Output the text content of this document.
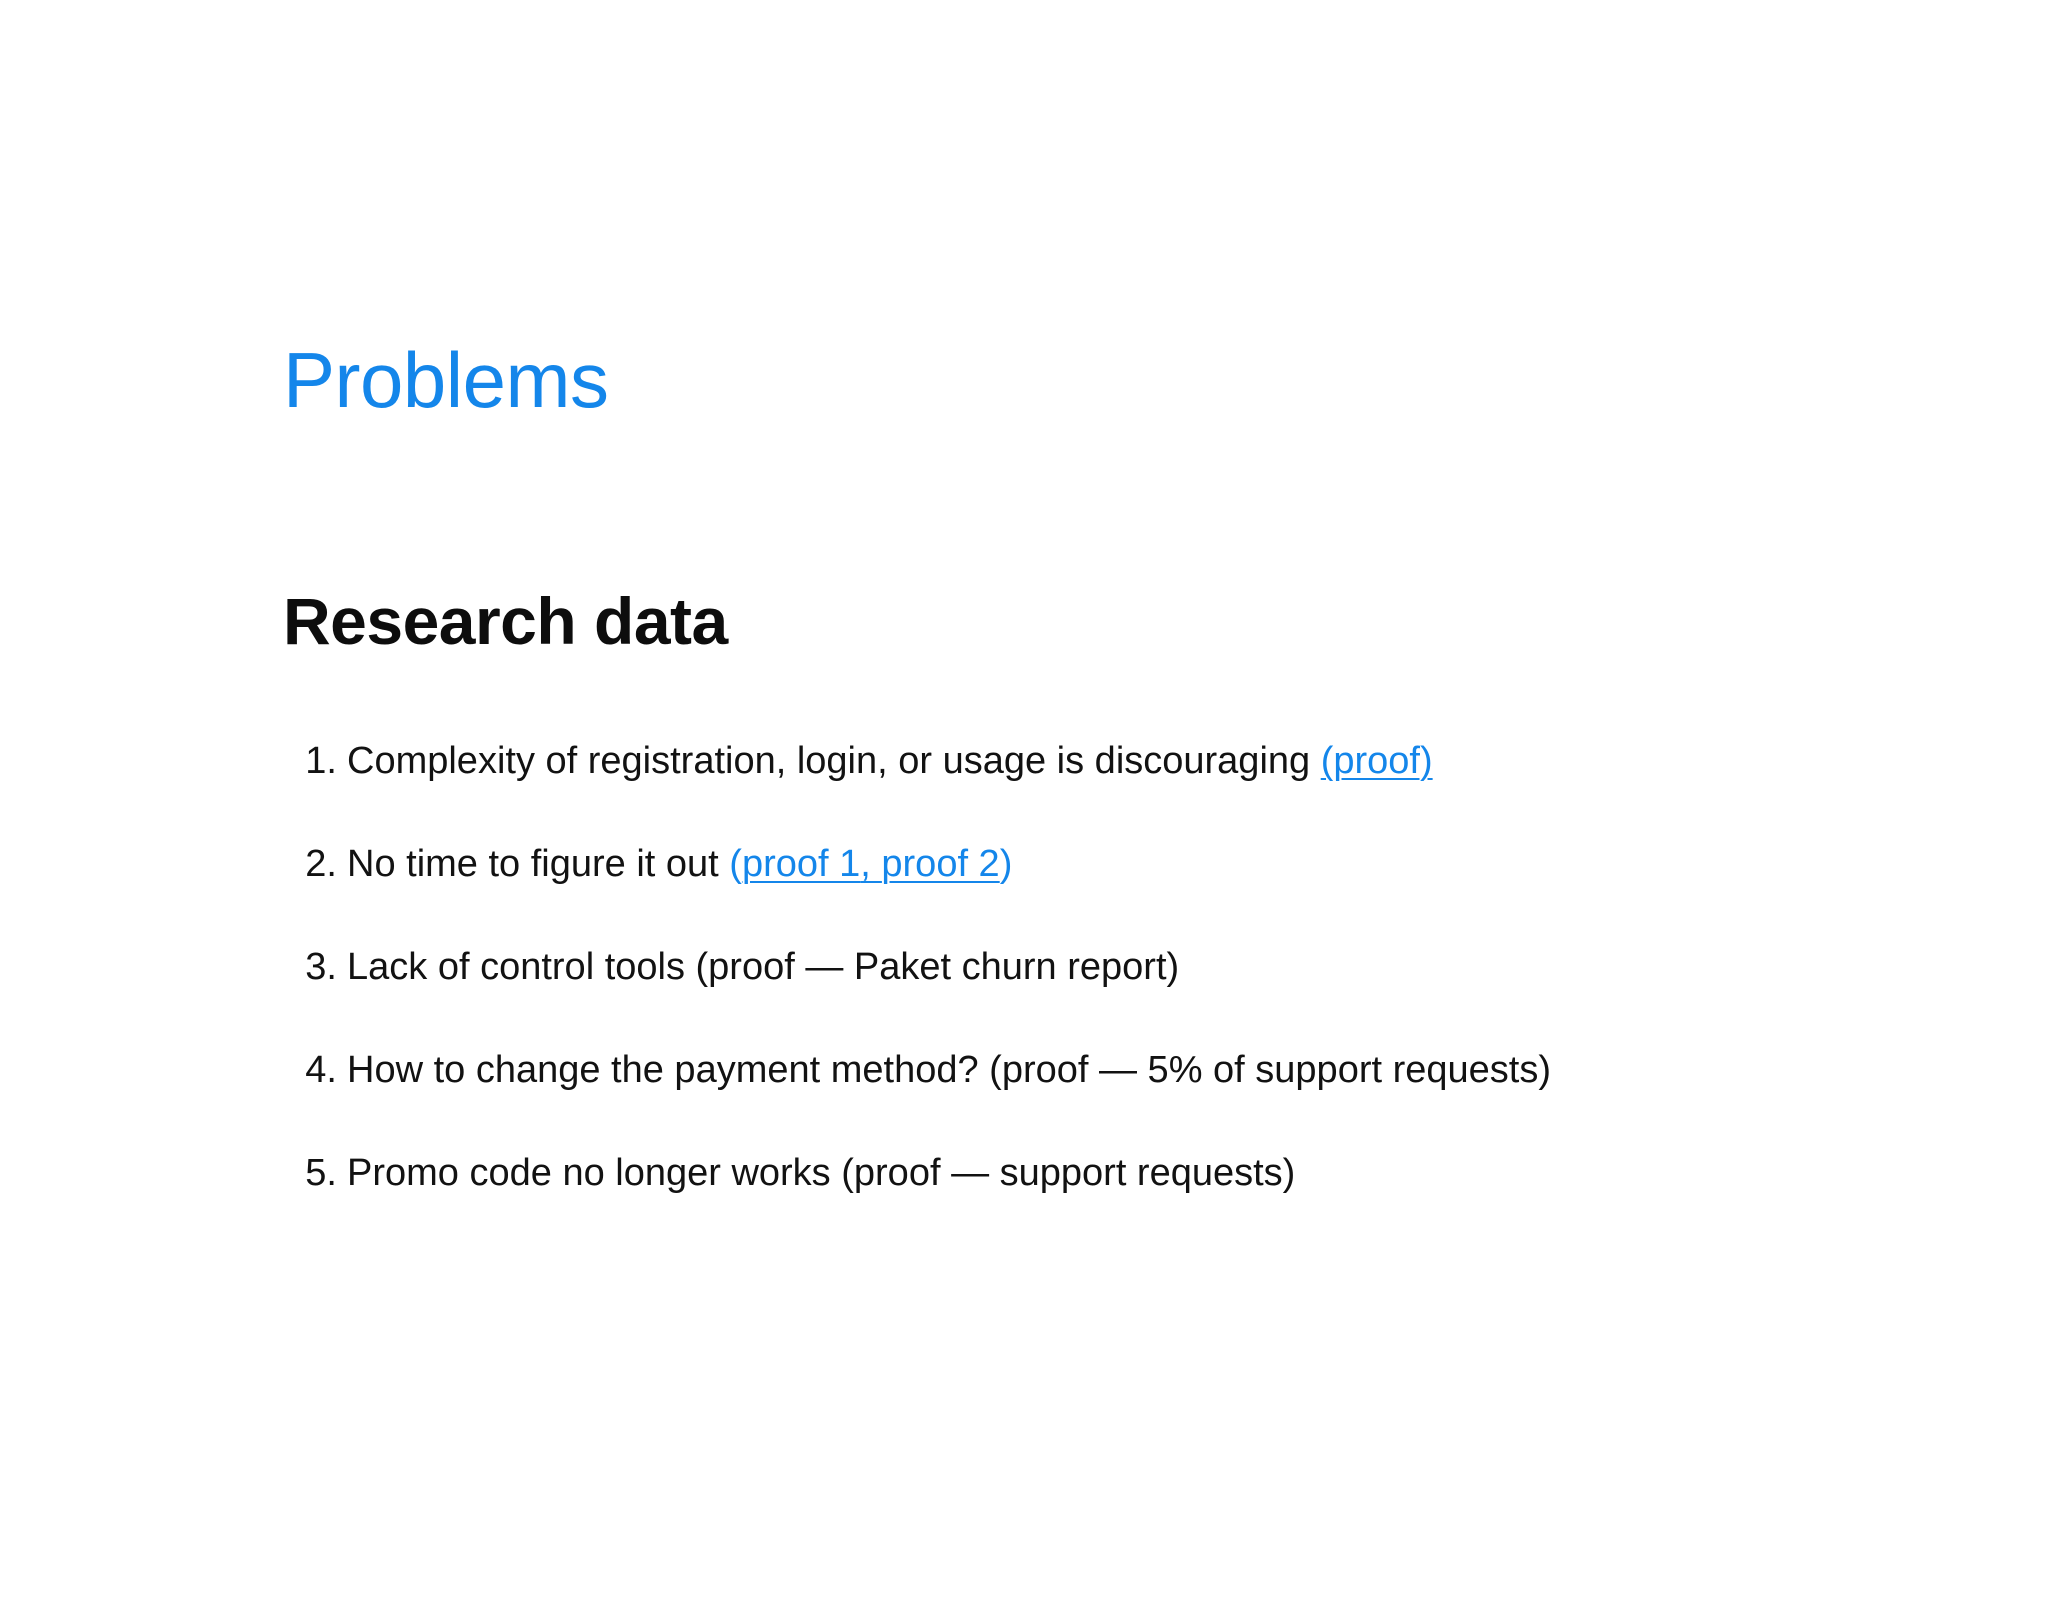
Problems
Research data
1. Complexity of registration, login, or usage is discouraging (proof)
2. No time to figure it out (proof 1, proof 2)
3. Lack of control tools (proof — Paket churn report)
4. How to change the payment method? (proof — 5% of support requests)
5. Promo code no longer works (proof — support requests)
